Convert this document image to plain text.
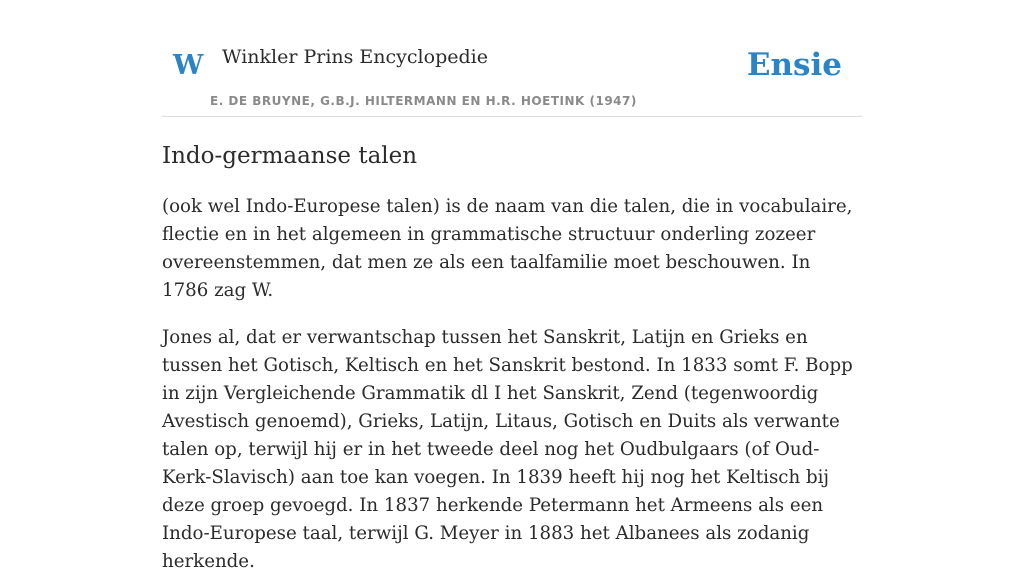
W Winkler Prins Encyclopedie
E. DE BRUYNE, G.B.J. HILTERMANN EN H.R. HOETINK (1947)
Ensie
Indo-germaanse talen

(ook wel Indo-Europese talen) is de naam van die talen, die in vocabulaire, flectie en in het algemeen in grammatische structuur onderling zozeer overeenstemmen, dat men ze als een taalfamilie moet beschouwen. In 1786 zag W.

Jones al, dat er verwantschap tussen het Sanskrit, Latijn en Grieks en tussen het Gotisch, Keltisch en het Sanskrit bestond. In 1833 somt F. Bopp in zijn Vergleichende Grammatik dl I het Sanskrit, Zend (tegenwoordig Avestisch genoemd), Grieks, Latijn, Litaus, Gotisch en Duits als verwante talen op, terwijl hij er in het tweede deel nog het Oudbulgaars (of Oud-Kerk-Slavisch) aan toe kan voegen. In 1839 heeft hij nog het Keltisch bij deze groep gevoegd. In 1837 herkende Petermann het Armeens als een Indo-Europese taal, terwijl G. Meyer in 1883 het Albanees als zodanig herkende.
